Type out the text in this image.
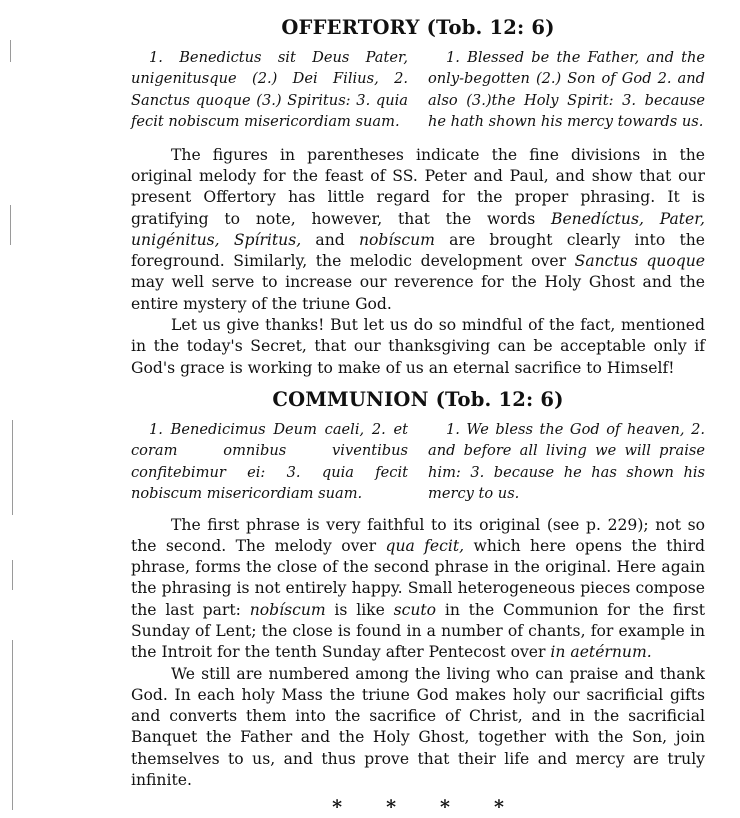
OFFERTORY (Tob. 12: 6)
1. Benedictus sit Deus Pater, unigenitusque (2.) Dei Filius, 2. Sanctus quoque (3.) Spiritus: 3. quia fecit nobiscum misericordiam suam.
1. Blessed be the Father, and the only-begotten (2.) Son of God 2. and also (3.)the Holy Spirit: 3. because he hath shown his mercy towards us.

The figures in parentheses indicate the fine divisions in the original melody for the feast of SS. Peter and Paul, and show that our present Offertory has little regard for the proper phrasing. It is gratifying to note, however, that the words Benedíctus, Pater, unigénitus, Spíritus, and nobíscum are brought clearly into the foreground. Similarly, the melodic development over Sanctus quoque may well serve to increase our reverence for the Holy Ghost and the entire mystery of the triune God.

Let us give thanks! But let us do so mindful of the fact, mentioned in the today's Secret, that our thanksgiving can be acceptable only if God's grace is working to make of us an eternal sacrifice to Himself!

COMMUNION (Tob. 12: 6)
1. Benedicimus Deum caeli, 2. et coram omnibus viventibus confitebimur ei: 3. quia fecit nobiscum misericordiam suam.
1. We bless the God of heaven, 2. and before all living we will praise him: 3. because he has shown his mercy to us.

The first phrase is very faithful to its original (see p. 229); not so the second. The melody over qua fecit, which here opens the third phrase, forms the close of the second phrase in the original. Here again the phrasing is not entirely happy. Small heterogeneous pieces compose the last part: nobíscum is like scuto in the Communion for the first Sunday of Lent; the close is found in a number of chants, for example in the Introit for the tenth Sunday after Pentecost over in aetérnum.

We still are numbered among the living who can praise and thank God. In each holy Mass the triune God makes holy our sacrificial gifts and converts them into the sacrifice of Christ, and in the sacrificial Banquet the Father and the Holy Ghost, together with the Son, join themselves to us, and thus prove that their life and mercy are truly infinite.

* * * *
